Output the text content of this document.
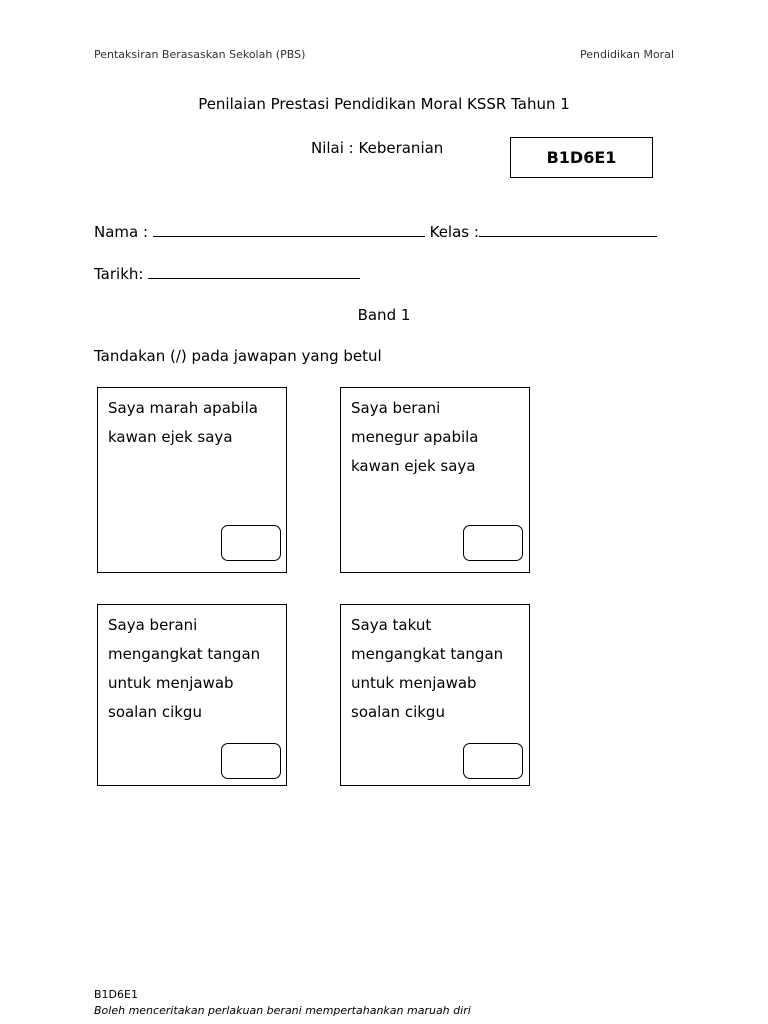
Pentaksiran Berasaskan Sekolah (PBS)	Pendidikan Moral
Penilaian Prestasi Pendidikan Moral KSSR Tahun 1
Nilai : Keberanian	B1D6E1
Nama :	Kelas :
Tarikh:
Band 1
Tandakan (/) pada jawapan yang betul
Saya marah apabila
kawan ejek saya
Saya berani
menegur apabila
kawan ejek saya
Saya berani
mengangkat tangan
untuk menjawab
soalan cikgu
Saya takut
mengangkat tangan
untuk menjawab
soalan cikgu
B1D6E1
Boleh menceritakan perlakuan berani mempertahankan maruah diri
